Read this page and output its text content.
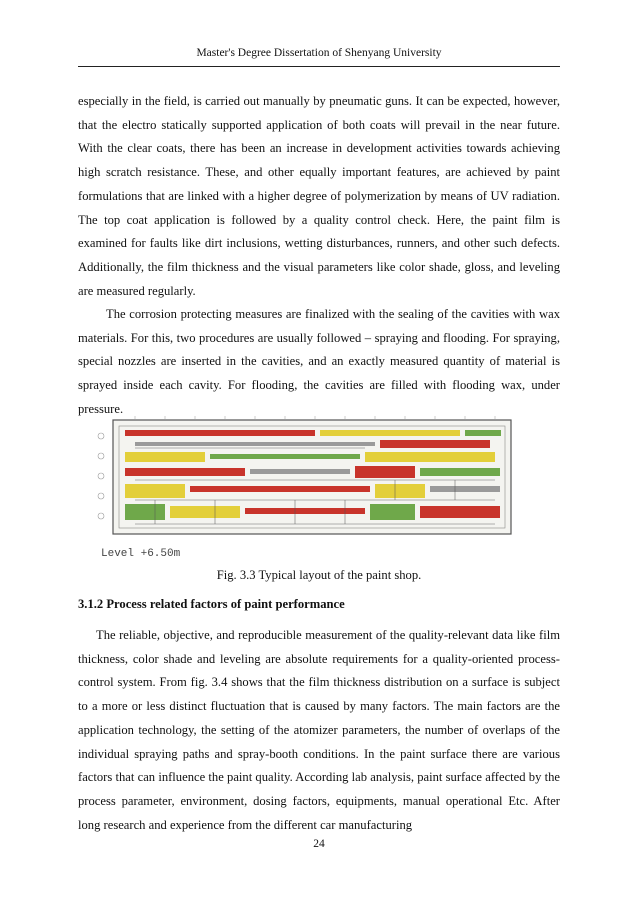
Master's Degree Dissertation of Shenyang University

especially in the field, is carried out manually by pneumatic guns. It can be expected, however, that the electro statically supported application of both coats will prevail in the near future. With the clear coats, there has been an increase in development activities towards achieving high scratch resistance. These, and other equally important features, are achieved by paint formulations that are linked with a higher degree of polymerization by means of UV radiation. The top coat application is followed by a quality control check. Here, the paint film is examined for faults like dirt inclusions, wetting disturbances, runners, and other such defects. Additionally, the film thickness and the visual parameters like color shade, gloss, and leveling are measured regularly.

The corrosion protecting measures are finalized with the sealing of the cavities with wax materials. For this, two procedures are usually followed – spraying and flooding. For spraying, special nozzles are inserted in the cavities, and an exactly measured quantity of material is sprayed inside each cavity. For flooding, the cavities are filled with flooding wax, under pressure.

Level +6.50m
Fig. 3.3 Typical layout of the paint shop.
3.1.2 Process related factors of paint performance

The reliable, objective, and reproducible measurement of the quality-relevant data like film thickness, color shade and leveling are absolute requirements for a quality-oriented process-control system. From fig. 3.4 shows that the film thickness distribution on a surface is subject to a more or less distinct fluctuation that is caused by many factors. The main factors are the application technology, the setting of the atomizer parameters, the number of overlaps of the individual spraying paths and spray-booth conditions. In the paint surface there are various factors that can influence the paint quality. According lab analysis, paint surface affected by the process parameter, environment, dosing factors, equipments, manual operational Etc. After long research and experience from the different car manufacturing

24
